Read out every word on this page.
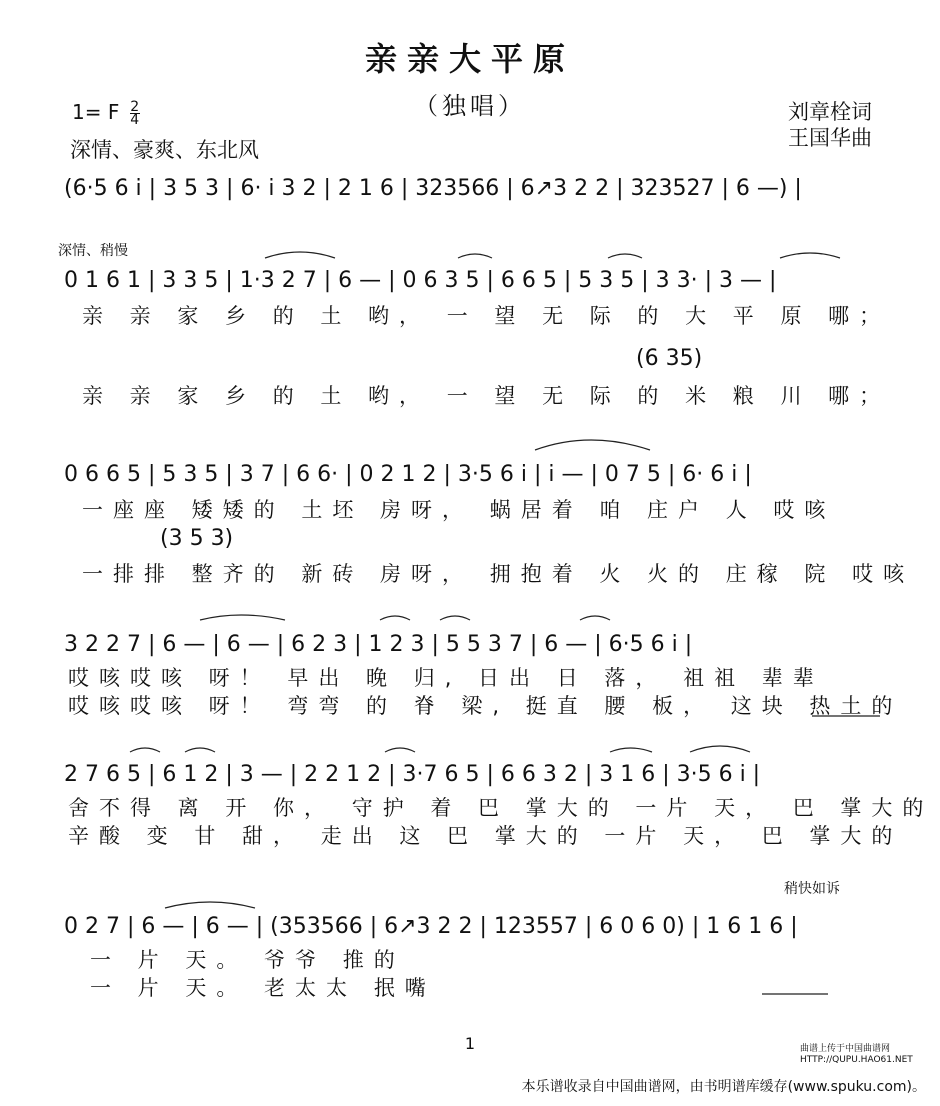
亲亲大平原
（独唱）
1= F $\frac{2}{4}$
深情、豪爽、东北风
刘章栓词
王国华曲
(6·5 6 i | 3 5 3 | 6· i 3 2 | 2 1 6 | 323566 | 6↗3 2 2 | 323527 | 6 —) |
深情、稍慢
0 1 6 1 | 3 3 5 | 1·3 2 7 | 6 — | 0 6 3 5 | 6 6 5 | 5 3 5 | 3 3· | 3 — |
亲 亲 家 乡 的 土 哟， 一 望 无 际 的 大 平 原 哪；
(6 35)
亲 亲 家 乡 的 土 哟， 一 望 无 际 的 米 粮 川 哪；
0 6 6 5 | 5 3 5 | 3 7 | 6 6· | 0 2 1 2 | 3·5 6 i | i — | 0 7 5 | 6· 6 i |
一座座 矮矮的 土坯 房呀， 蜗居着 咱 庄户 人 哎咳
(3 5 3)
一排排 整齐的 新砖 房呀， 拥抱着 火 火的 庄稼 院 哎咳
3 2 2 7 | 6 — | 6 — | 6 2 3 | 1 2 3 | 5 5 3 7 | 6 — | 6·5 6 i |
哎咳哎咳 呀！ 早出 晚 归, 日出 日 落， 祖祖 辈辈
哎咳哎咳 呀！ 弯弯 的 脊 梁, 挺直 腰 板， 这块 热土的
2 7 6 5 | 6 1 2 | 3 — | 2 2 1 2 | 3·7 6 5 | 6 6 3 2 | 3 1 6 | 3·5 6 i |
舍不得 离 开 你， 守护 着 巴 掌大的 一片 天， 巴 掌大的
辛酸 变 甘 甜， 走出 这 巴 掌大的 一片 天， 巴 掌大的
稍快如诉
0 2 7 | 6 — | 6 — | (353566 | 6↗3 2 2 | 123557 | 6 0 6 0) | 1 6 1 6 |
一 片 天。 爷爷 推的
一 片 天。 老太太 抿嘴
1	曲谱上传于中国曲谱网
HTTP://QUPU.HAO61.NET
本乐谱收录自中国曲谱网，由书明谱库缓存(www.spuku.com)。
